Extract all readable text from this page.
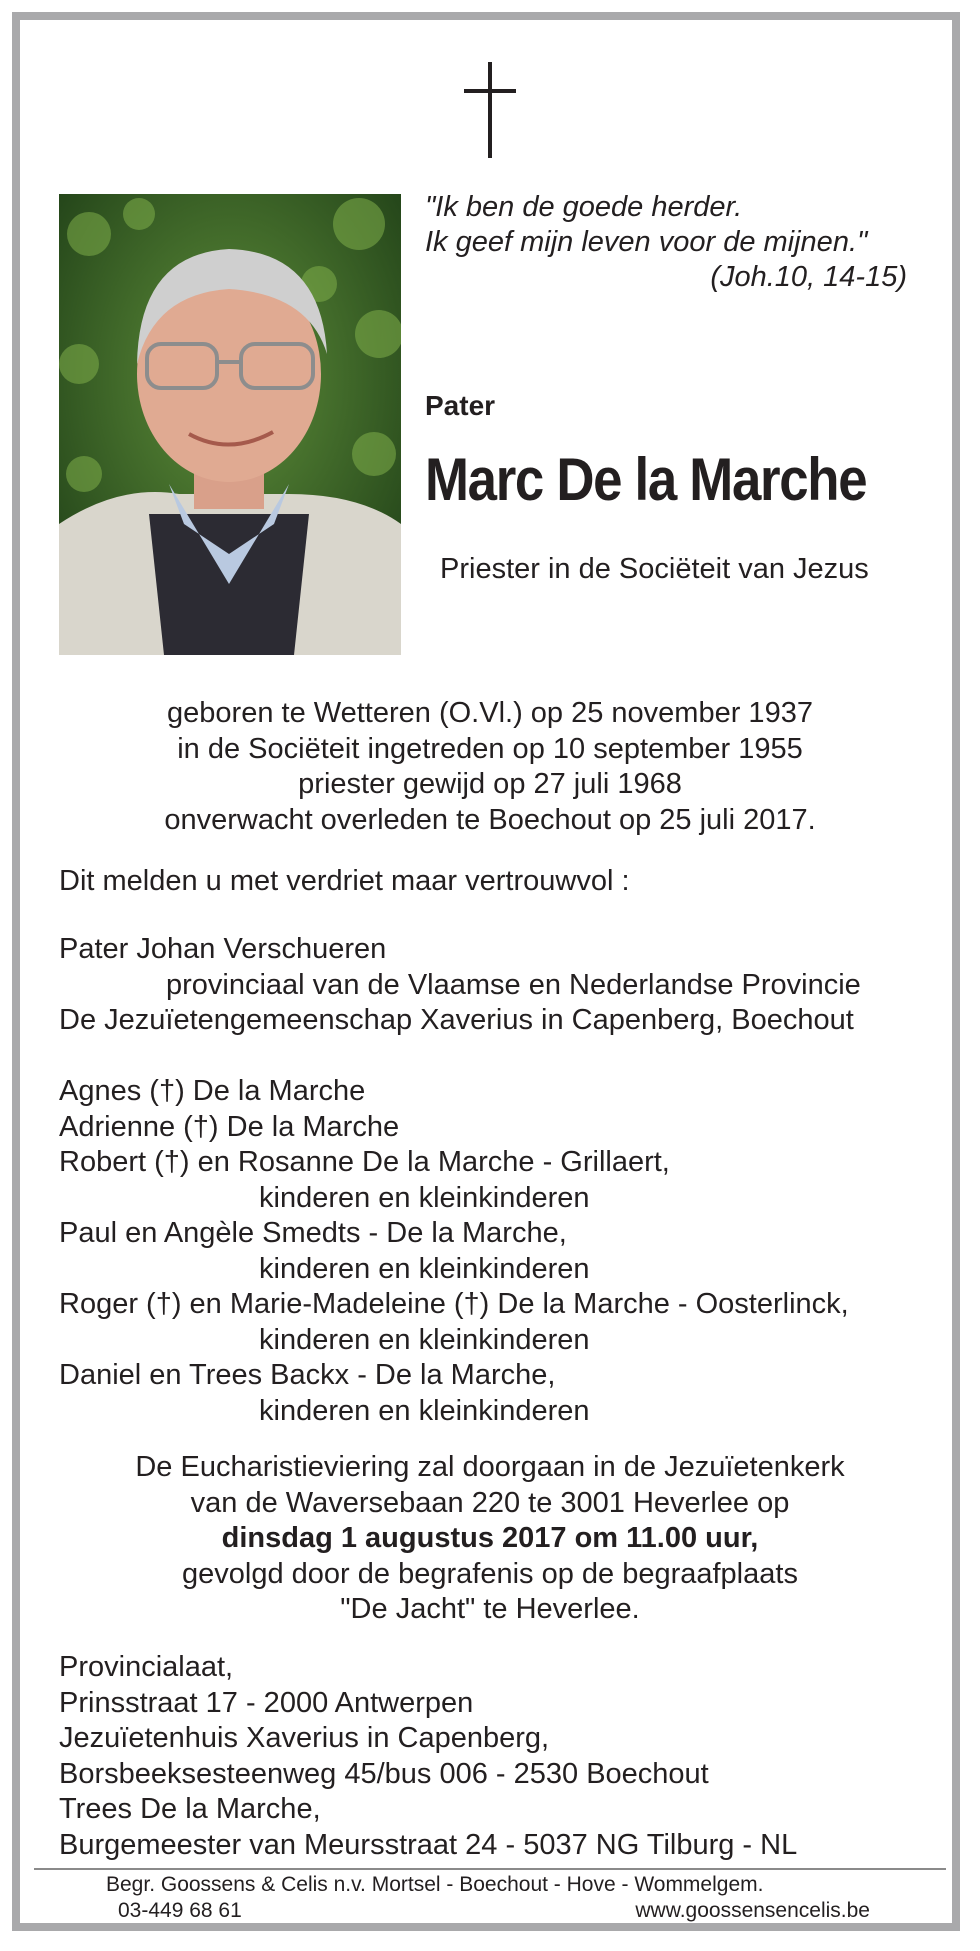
"Ik ben de goede herder.
Ik geef mijn leven voor de mijnen."
(Joh.10, 14-15)
Pater
Marc De la Marche
Priester in de Sociëteit van Jezus
geboren te Wetteren (O.Vl.) op 25 november 1937
in de Sociëteit ingetreden op 10 september 1955
priester gewijd op 27 juli 1968
onverwacht overleden te Boechout op 25 juli 2017.
Dit melden u met verdriet maar vertrouwvol :
Pater Johan Verschueren
provinciaal van de Vlaamse en Nederlandse Provincie
De Jezuïetengemeenschap Xaverius in Capenberg, Boechout
Agnes (†) De la Marche
Adrienne (†) De la Marche
Robert (†) en Rosanne De la Marche - Grillaert,
kinderen en kleinkinderen
Paul en Angèle Smedts - De la Marche,
kinderen en kleinkinderen
Roger (†) en Marie-Madeleine (†) De la Marche - Oosterlinck,
kinderen en kleinkinderen
Daniel en Trees Backx - De la Marche,
kinderen en kleinkinderen
De Eucharistieviering zal doorgaan in de Jezuïetenkerk
van de Waversebaan 220 te 3001 Heverlee op
dinsdag 1 augustus 2017 om 11.00 uur,
gevolgd door de begrafenis op de begraafplaats
"De Jacht" te Heverlee.
Provincialaat,
Prinsstraat 17 - 2000 Antwerpen
Jezuïetenhuis Xaverius in Capenberg,
Borsbeeksesteenweg 45/bus 006 - 2530 Boechout
Trees De la Marche,
Burgemeester van Meursstraat 24 - 5037 NG Tilburg - NL
Begr. Goossens & Celis n.v. Mortsel - Boechout - Hove - Wommelgem.
03-449 68 61	www.goossensencelis.be
